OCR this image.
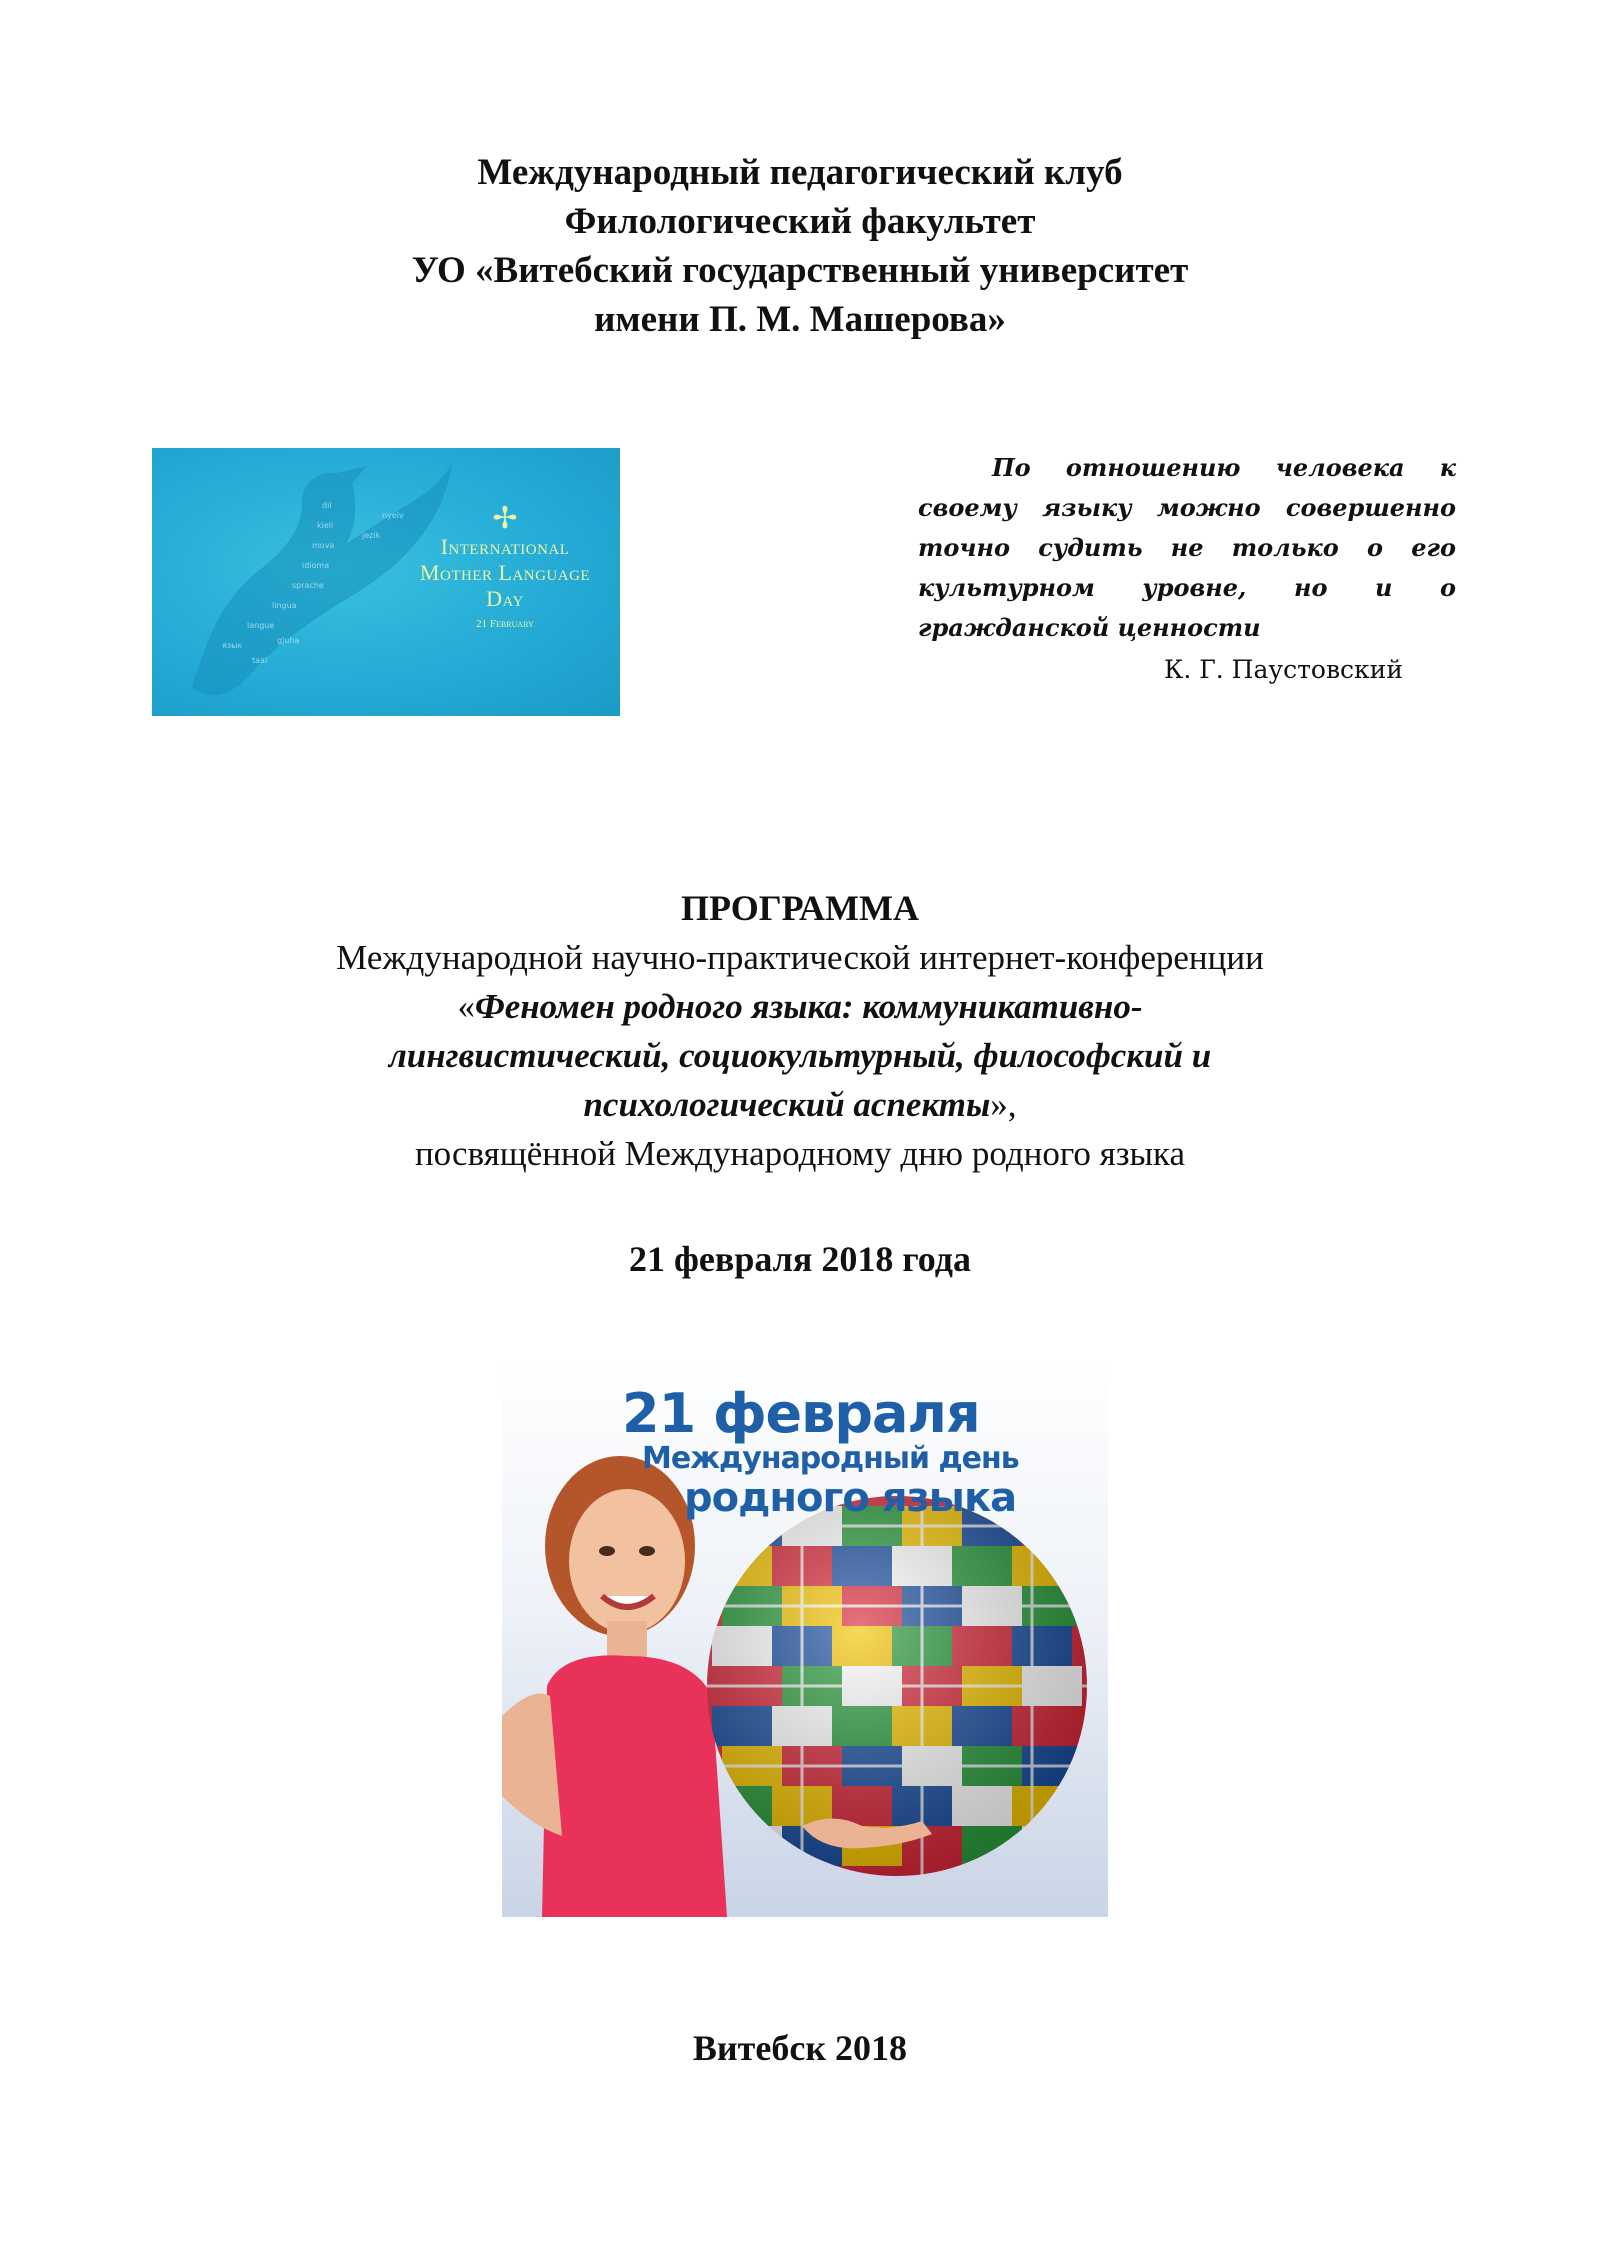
Международный педагогический клуб
Филологический факультет
УО «Витебский государственный университет
имени П. М. Машерова»
язык
langue
lingua
sprache
idioma
mova
kieli
dil
jezik
nyelv
taal
gjuha
✢
International
Mother Language Day
21 February

По отношению человека к своему языку можно совершенно точно судить не только о его культурном уровне, но и о гражданской ценности

К. Г. Паустовский
ПРОГРАММА
Международной научно-практической интернет-конференции
«Феномен родного языка: коммуникативно-
лингвистический, социокультурный, философский и
психологический аспекты»,
посвящённой Международному дню родного языка
21 февраля 2018 года
21 февраля
Международный день
родного языка
Витебск 2018
